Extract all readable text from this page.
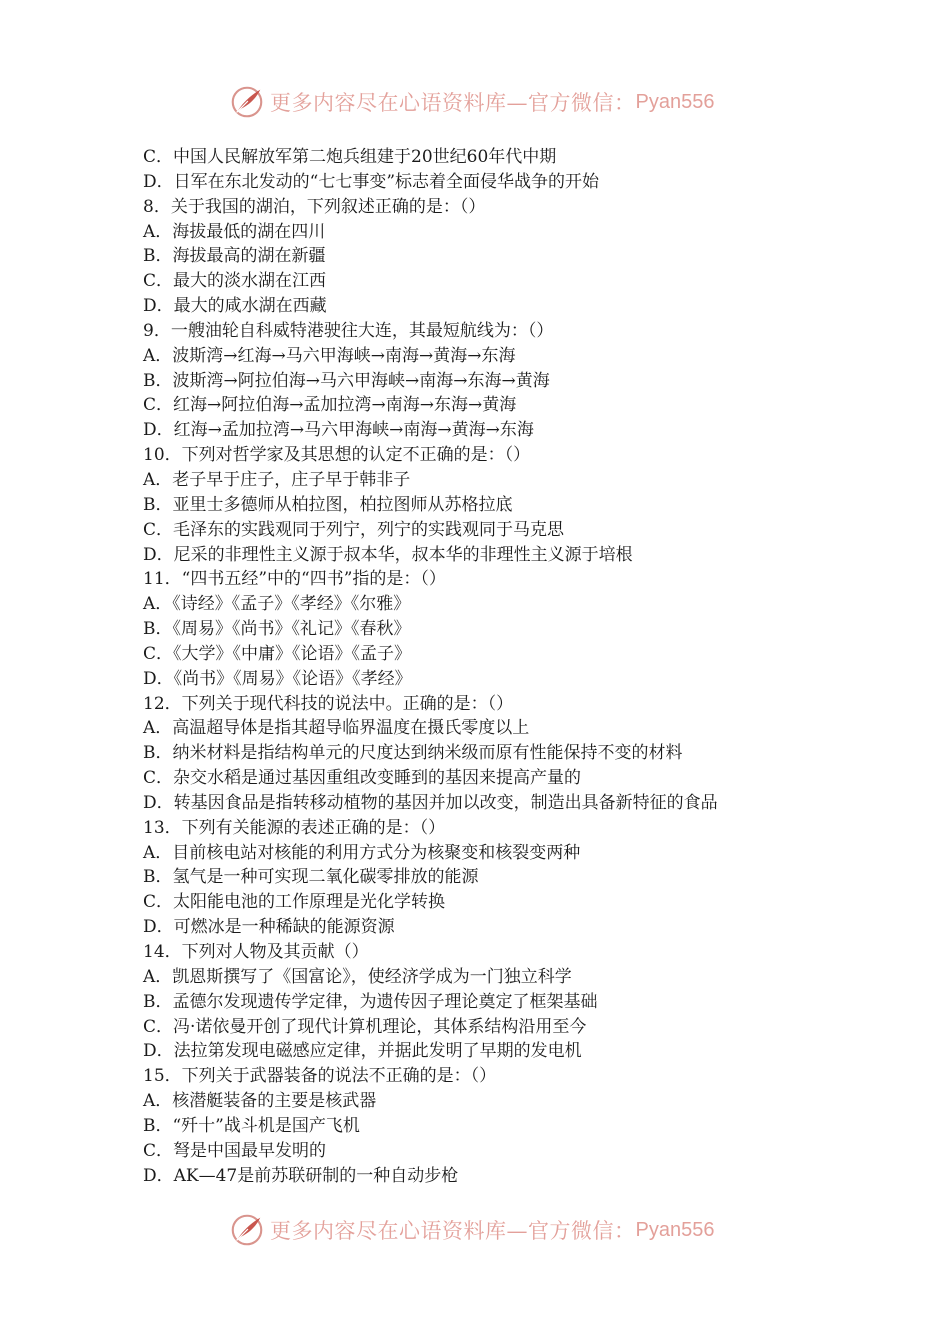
更多内容尽在心语资料库—官方微信： Pyan556
C．中国人民解放军第二炮兵组建于20世纪60年代中期
D．日军在东北发动的“七七事变”标志着全面侵华战争的开始
8．关于我国的湖泊，下列叙述正确的是：（）
A．海拔最低的湖在四川
B．海拔最高的湖在新疆
C．最大的淡水湖在江西
D．最大的咸水湖在西藏
9．一艘油轮自科威特港驶往大连，其最短航线为：（）
A．波斯湾→红海→马六甲海峡→南海→黄海→东海
B．波斯湾→阿拉伯海→马六甲海峡→南海→东海→黄海
C．红海→阿拉伯海→孟加拉湾→南海→东海→黄海
D．红海→孟加拉湾→马六甲海峡→南海→黄海→东海
10．下列对哲学家及其思想的认定不正确的是：（）
A．老子早于庄子，庄子早于韩非子
B．亚里士多德师从柏拉图，柏拉图师从苏格拉底
C．毛泽东的实践观同于列宁，列宁的实践观同于马克思
D．尼采的非理性主义源于叔本华，叔本华的非理性主义源于培根
11．“四书五经”中的“四书”指的是：（）
A．《诗经》《孟子》《孝经》《尔雅》
B．《周易》《尚书》《礼记》《春秋》
C．《大学》《中庸》《论语》《孟子》
D．《尚书》《周易》《论语》《孝经》
12．下列关于现代科技的说法中。正确的是：（）
A．高温超导体是指其超导临界温度在摄氏零度以上
B．纳米材料是指结构单元的尺度达到纳米级而原有性能保持不变的材料
C．杂交水稻是通过基因重组改变睡到的基因来提高产量的
D．转基因食品是指转移动植物的基因并加以改变，制造出具备新特征的食品
13．下列有关能源的表述正确的是：（）
A．目前核电站对核能的利用方式分为核聚变和核裂变两种
B．氢气是一种可实现二氧化碳零排放的能源
C．太阳能电池的工作原理是光化学转换
D．可燃冰是一种稀缺的能源资源
14．下列对人物及其贡献（）
A．凯恩斯撰写了《国富论》，使经济学成为一门独立科学
B．孟德尔发现遗传学定律，为遗传因子理论奠定了框架基础
C．冯·诺依曼开创了现代计算机理论，其体系结构沿用至今
D．法拉第发现电磁感应定律，并据此发明了早期的发电机
15．下列关于武器装备的说法不正确的是：（）
A．核潜艇装备的主要是核武器
B．“歼十”战斗机是国产飞机
C．弩是中国最早发明的
D．AK—47是前苏联研制的一种自动步枪
更多内容尽在心语资料库—官方微信： Pyan556
